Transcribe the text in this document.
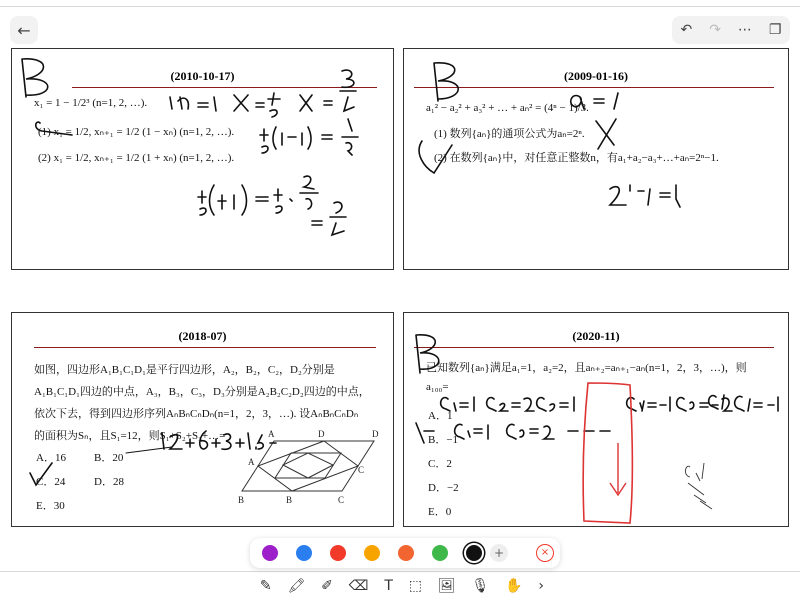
←	↶ ↷ ⋯ ❐
(2010-10-17)
x₁ = 1 − 1/2³ (n=1, 2, …).
(1) x₁ = 1/2, xₙ₊₁ = 1/2 (1 − xₙ) (n=1, 2, …).
(2) x₁ = 1/2, xₙ₊₁ = 1/2 (1 + xₙ) (n=1, 2, …).
(2009-01-16)
a₁² − a₂² + a₃² + … + aₙ² = (4ⁿ − 1)/3.
(1) 数列{aₙ}的通项公式为aₙ=2ⁿ.
(2) 在数列{aₙ}中，对任意正整数n，有a₁+a₂−a₃+…+aₙ=2ⁿ−1.
(2018-07)
如图，四边形A₁B₁C₁D₁是平行四边形，A₂，B₂，C₂，D₂分别是
A₁B₁C₁D₁四边的中点，A₃，B₃，C₃，D₃分别是A₂B₂C₂D₂四边的中点，
依次下去，得到四边形序列AₙBₙCₙDₙ(n=1，2，3，…). 设AₙBₙCₙDₙ
的面积为Sₙ，且S₁=12，则S₁+S₂+S₃+…=
A．16	B．20
C．24	D．28
E．30
A	D
B	C
D
C
B
A
(2020-11)
已知数列{aₙ}满足a₁=1，a₂=2，且aₙ₊₂=aₙ₊₁−aₙ(n=1，2，3，…)，则
a₁₀₀=
A．1
B．−1
C．2
D．−2
E．0
+	×
✎ 🖍 ✐ ⌫ T ⬚ 🖼 🎙 ✋ ›
